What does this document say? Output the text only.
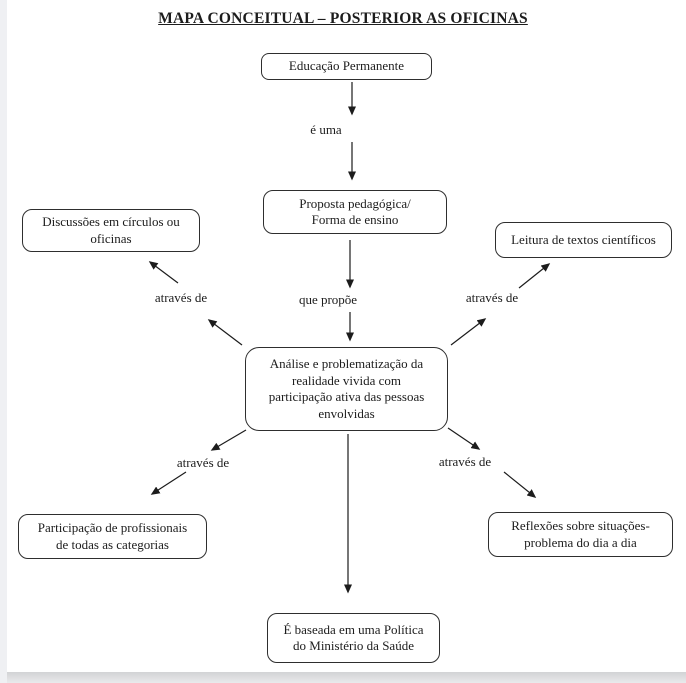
MAPA CONCEITUAL – POSTERIOR AS OFICINAS
Educação Permanente
Proposta pedagógica/
Forma de ensino
Discussões em círculos ou
oficinas	Leitura de textos científicos
Análise e problematização da
realidade vivida com
participação ativa das pessoas
envolvidas
Participação de profissionais
de todas as categorias
Reflexões sobre situações-
problema do dia a dia
É baseada em uma Política
do Ministério da Saúde
é uma
que propõe
através de	através de
através de	através de
